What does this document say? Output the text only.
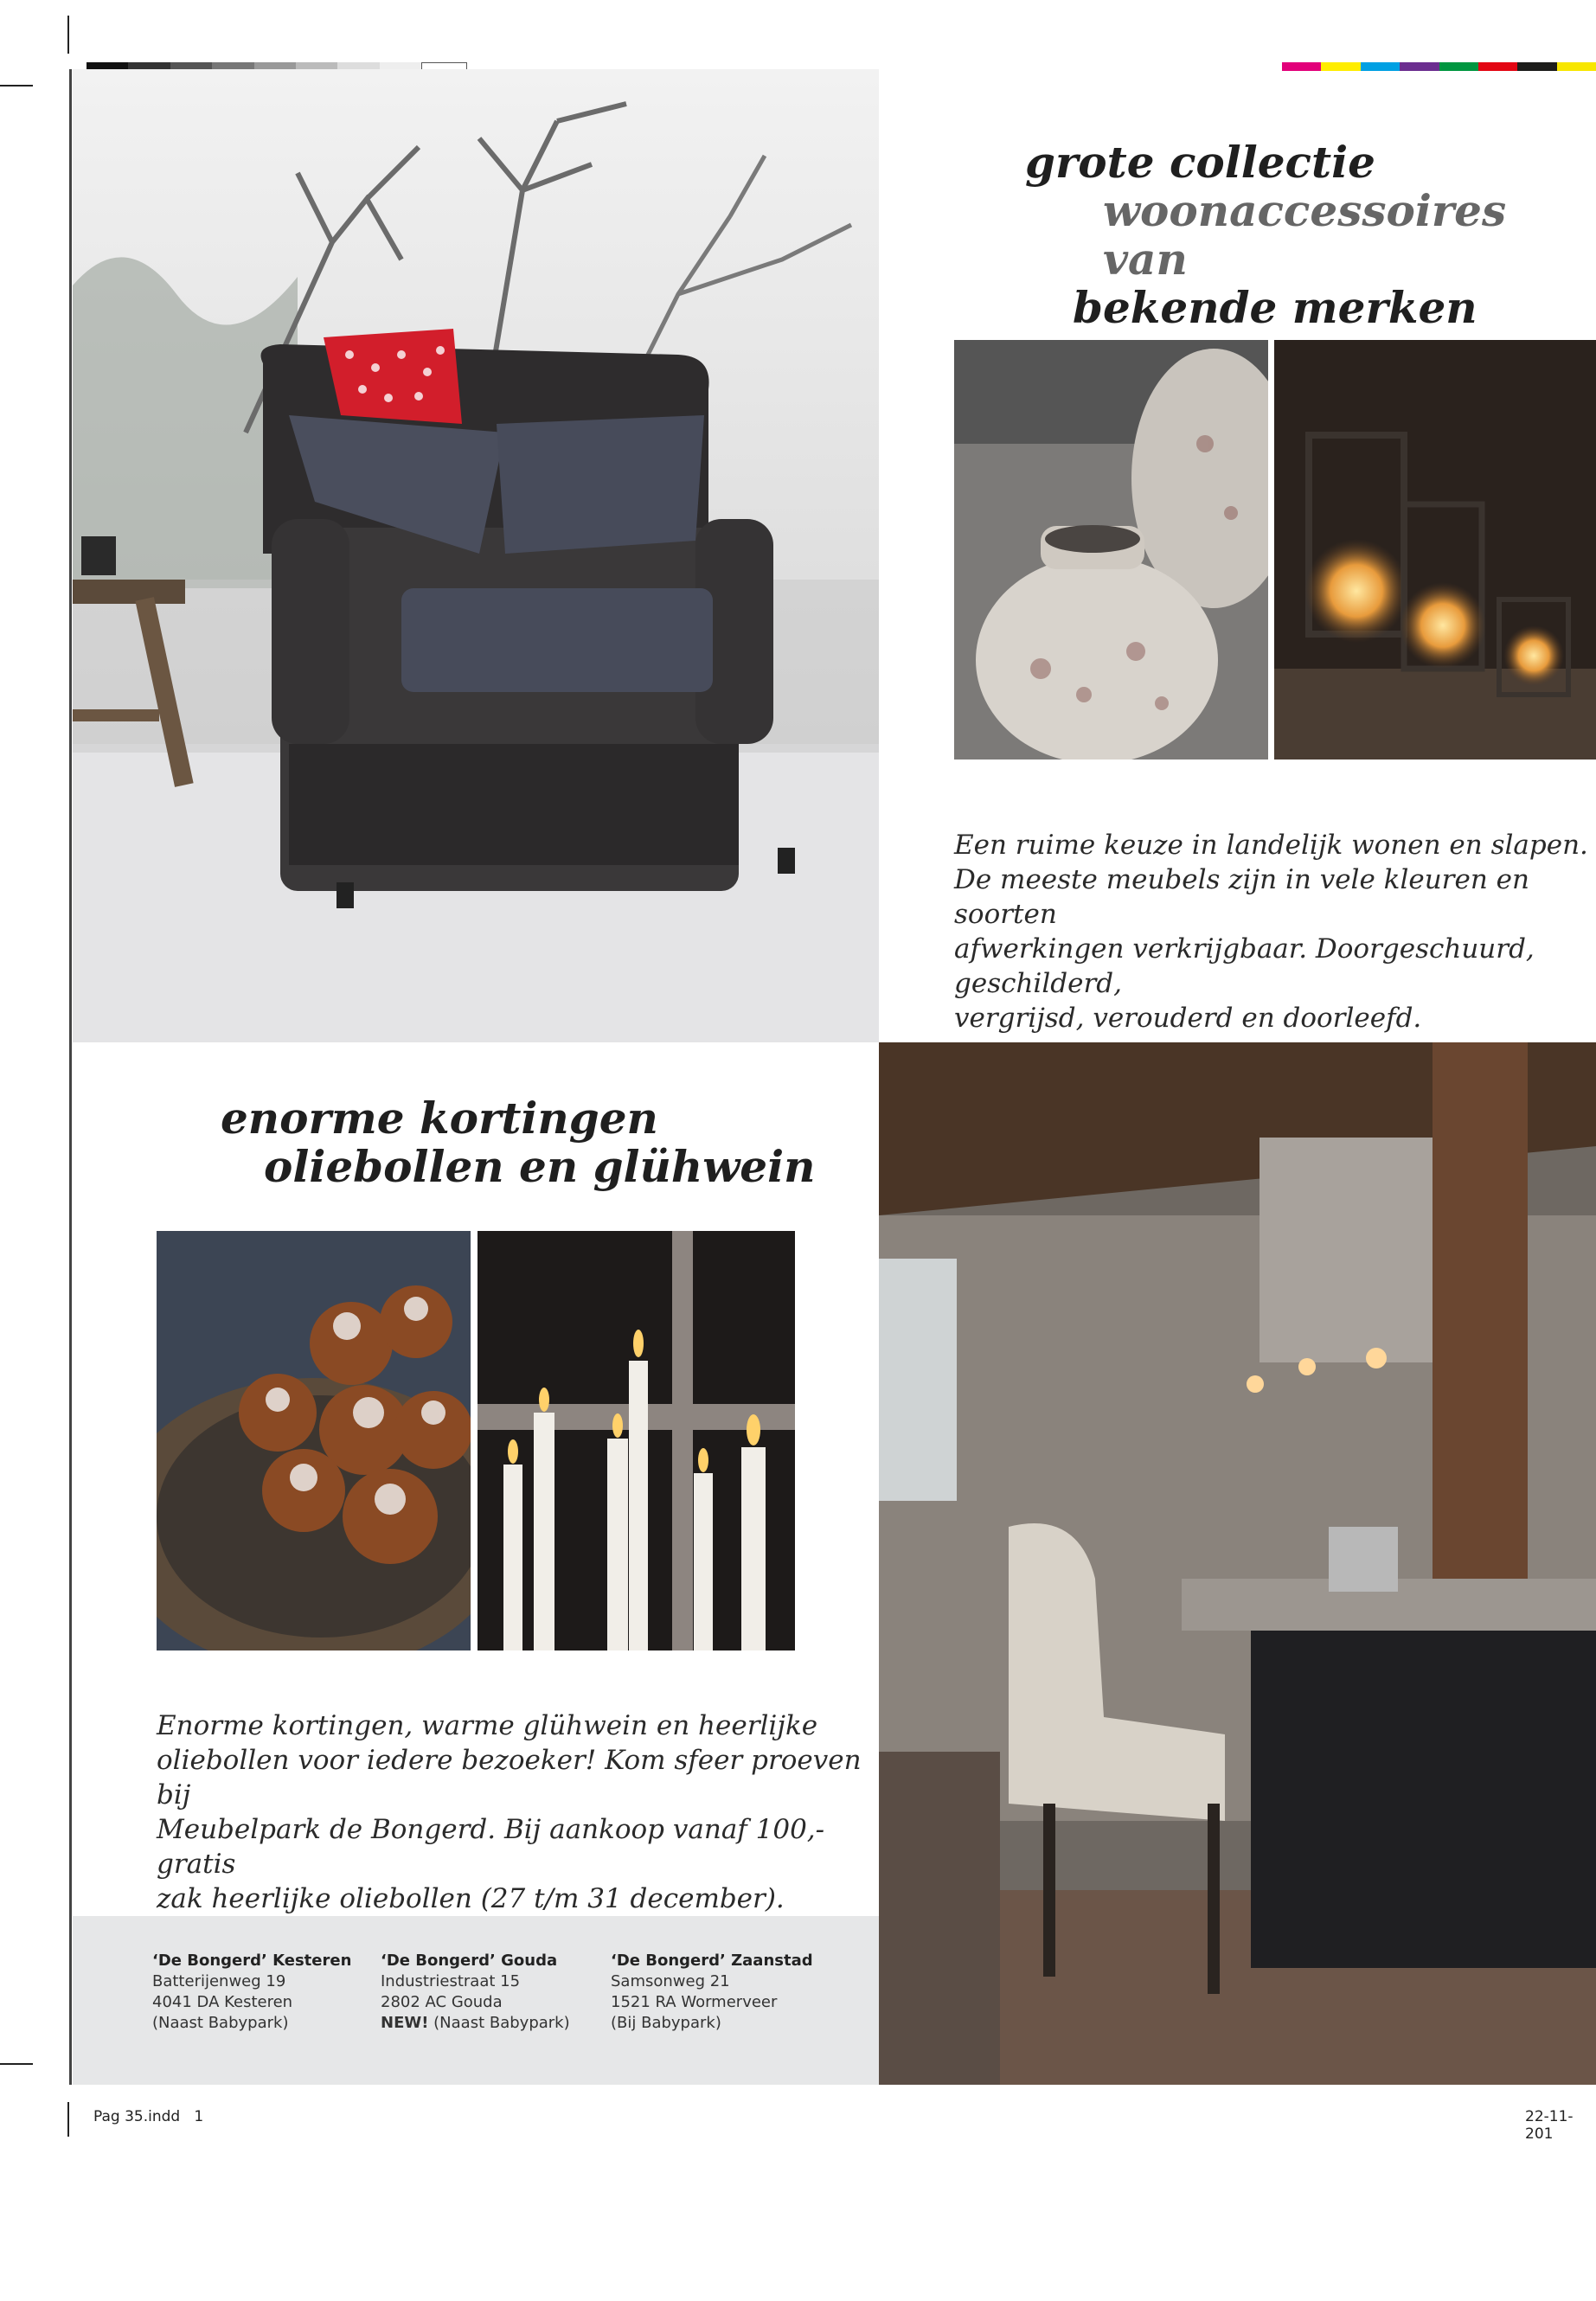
grote collectie
woonaccessoires van
bekende merken
Een ruime keuze in landelijk wonen en slapen.
De meeste meubels zijn in vele kleuren en soorten
afwerkingen verkrijgbaar. Doorgeschuurd, geschilderd,
vergrijsd, verouderd en doorleefd.
enorme kortingen
oliebollen en glühwein
Enorme kortingen, warme glühwein en heerlijke
oliebollen voor iedere bezoeker! Kom sfeer proeven bij
Meubelpark de Bongerd. Bij aankoop vanaf 100,- gratis
zak heerlijke oliebollen (27 t/m 31 december).
‘De Bongerd’ Kesteren
Batterijenweg 19
4041 DA Kesteren
(Naast Babypark)
‘De Bongerd’ Gouda
Industriestraat 15
2802 AC Gouda
NEW! (Naast Babypark)
‘De Bongerd’ Zaanstad
Samsonweg 21
1521 RA Wormerveer
(Bij Babypark)
Pag 35.indd   1	22-11-201
